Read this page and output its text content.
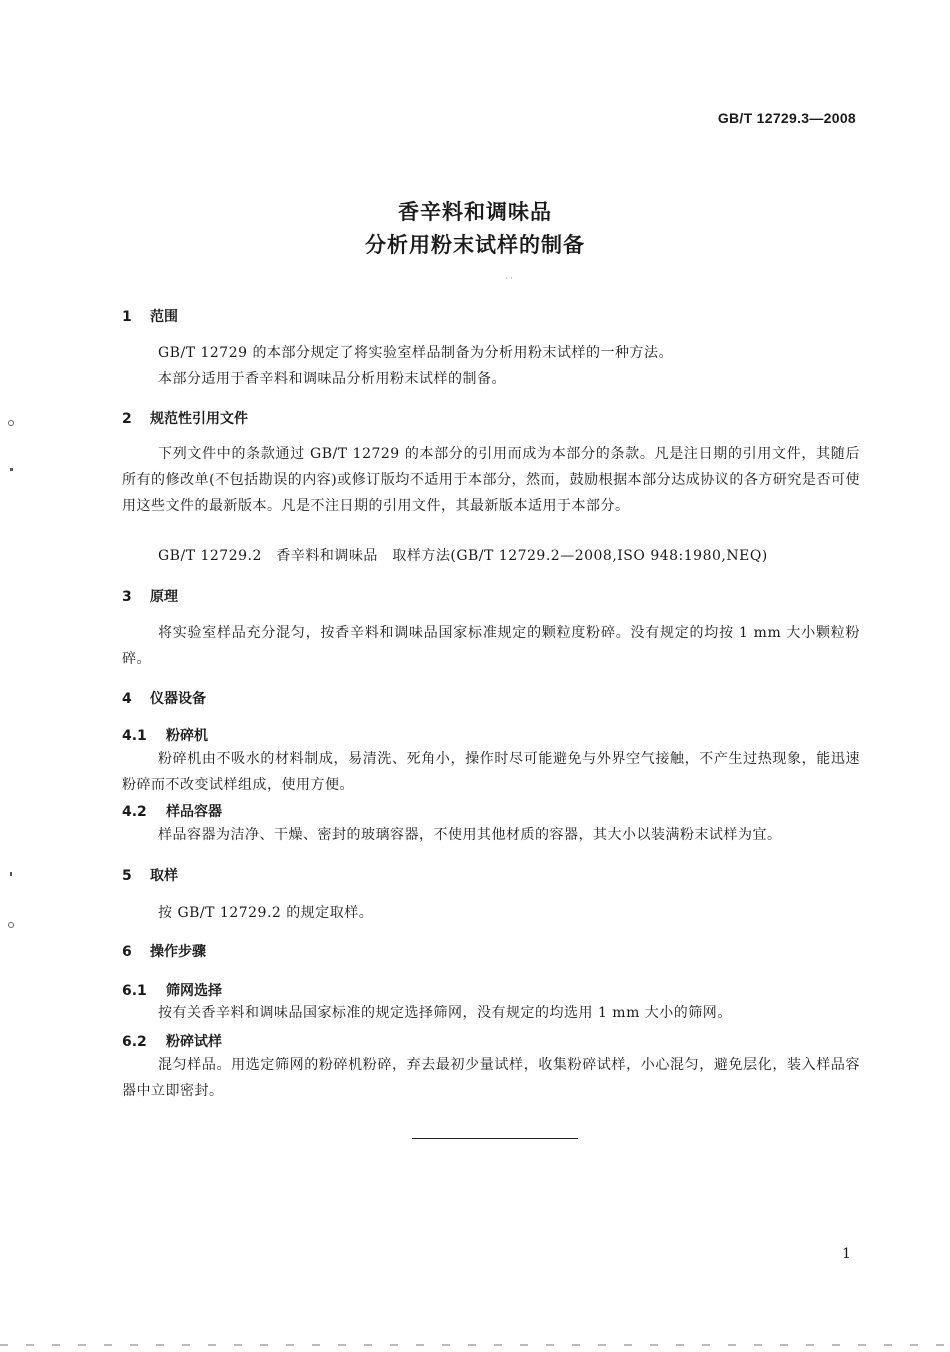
GB/T 12729.3—2008
香辛料和调味品
分析用粉末试样的制备
· ·
1 范围
GB/T 12729 的本部分规定了将实验室样品制备为分析用粉末试样的一种方法。
本部分适用于香辛料和调味品分析用粉末试样的制备。
2 规范性引用文件
下列文件中的条款通过 GB/T 12729 的本部分的引用而成为本部分的条款。凡是注日期的引用文件，其随后所有的修改单(不包括勘误的内容)或修订版均不适用于本部分，然而，鼓励根据本部分达成协议的各方研究是否可使用这些文件的最新版本。凡是不注日期的引用文件，其最新版本适用于本部分。
GB/T 12729.2　香辛料和调味品　取样方法(GB/T 12729.2—2008,ISO 948:1980,NEQ)
3 原理
将实验室样品充分混匀，按香辛料和调味品国家标准规定的颗粒度粉碎。没有规定的均按 1 mm 大小颗粒粉碎。
4 仪器设备
4.1 粉碎机
粉碎机由不吸水的材料制成，易清洗、死角小，操作时尽可能避免与外界空气接触，不产生过热现象，能迅速粉碎而不改变试样组成，使用方便。
4.2 样品容器
样品容器为洁净、干燥、密封的玻璃容器，不使用其他材质的容器，其大小以装满粉末试样为宜。
5 取样
按 GB/T 12729.2 的规定取样。
6 操作步骤
6.1 筛网选择
按有关香辛料和调味品国家标准的规定选择筛网，没有规定的均选用 1 mm 大小的筛网。
6.2 粉碎试样
混匀样品。用选定筛网的粉碎机粉碎，弃去最初少量试样，收集粉碎试样，小心混匀，避免层化，装入样品容器中立即密封。
1
